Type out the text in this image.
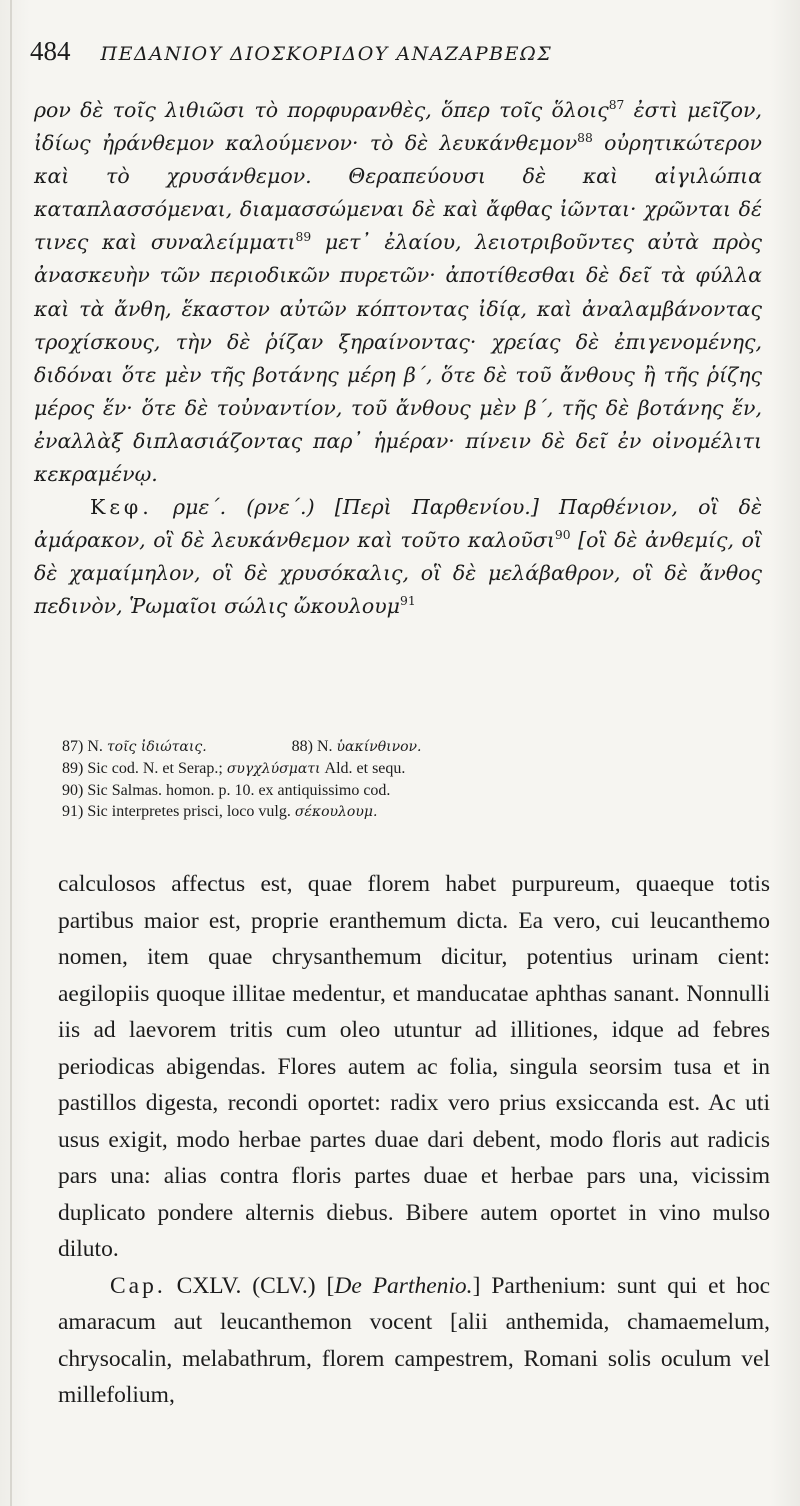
484 ΠΕΔΑΝΙΟΥ ΔΙΟΣΚΟΡΙΔΟΥ ΑΝΑΖΑΡΒΕΩΣ

ρον δὲ τοῖς λιθιῶσι τὸ πορφυρανθὲς, ὅπερ τοῖς ὅλοις$^{87}$ ἐστὶ μεῖζον, ἰδίως ἠράνθεμον καλούμενον· τὸ δὲ λευκάνθεμον$^{88}$ οὐρητικώτερον καὶ τὸ χρυσάνθεμον. Θεραπεύουσι δὲ καὶ αἰγιλώπια καταπλασσόμεναι, διαμασσώμεναι δὲ καὶ ἄφθας ἰῶνται· χρῶνται δέ τινες καὶ συναλείμματι$^{89}$ μετ᾽ ἐλαίου, λειοτριβοῦντες αὐτὰ πρὸς ἀνασκευὴν τῶν περιοδικῶν πυρετῶν· ἀποτίθεσθαι δὲ δεῖ τὰ φύλλα καὶ τὰ ἄνθη, ἕκαστον αὐτῶν κόπτοντας ἰδίᾳ, καὶ ἀναλαμβάνοντας τροχίσκους, τὴν δὲ ῥίζαν ξηραίνοντας· χρείας δὲ ἐπιγενομένης, διδόναι ὅτε μὲν τῆς βοτάνης μέρη β΄, ὅτε δὲ τοῦ ἄνθους ἢ τῆς ῥίζης μέρος ἕν· ὅτε δὲ τοὐναντίον, τοῦ ἄνθους μὲν β΄, τῆς δὲ βοτάνης ἕν, ἐναλλὰξ διπλασιάζοντας παρ᾽ ἡμέραν· πίνειν δὲ δεῖ ἐν οἰνομέλιτι κεκραμένῳ.

Κεφ. ρμε΄. (ρνε΄.) [Περὶ Παρθενίου.] Παρθένιον, οἳ δὲ ἀμάρακον, οἳ δὲ λευκάνθεμον καὶ τοῦτο καλοῦσι$^{90}$ [οἳ δὲ ἀνθεμίς, οἳ δὲ χαμαίμηλον, οἳ δὲ χρυσόκαλις, οἳ δὲ μελάβαθρον, οἳ δὲ ἄνθος πεδινὸν, Ῥωμαῖοι σώλις ὤκουλουμ$^{91}$

87) N. τοῖς ἰδιώταις.	88) N. ὑακίνθινον.
89) Sic cod. N. et Serap.; συγχλύσματι Ald. et sequ.
90) Sic Salmas. homon. p. 10. ex antiquissimo cod.
91) Sic interpretes prisci, loco vulg. σέκουλουμ.

calculosos affectus est, quae florem habet purpureum, quaeque totis partibus maior est, proprie eranthemum dicta. Ea vero, cui leucanthemo nomen, item quae chrysanthemum dicitur, potentius urinam cient: aegilopiis quoque illitae medentur, et manducatae aphthas sanant. Nonnulli iis ad laevorem tritis cum oleo utuntur ad illitiones, idque ad febres periodicas abigendas. Flores autem ac folia, singula seorsim tusa et in pastillos digesta, recondi oportet: radix vero prius exsiccanda est. Ac uti usus exigit, modo herbae partes duae dari debent, modo floris aut radicis pars una: alias contra floris partes duae et herbae pars una, vicissim duplicato pondere alternis diebus. Bibere autem oportet in vino mulso diluto.

Cap. CXLV. (CLV.) [De Parthenio.] Parthenium: sunt qui et hoc amaracum aut leucanthemon vocent [alii anthemida, chamaemelum, chrysocalin, melabathrum, florem campestrem, Romani solis oculum vel millefolium,
